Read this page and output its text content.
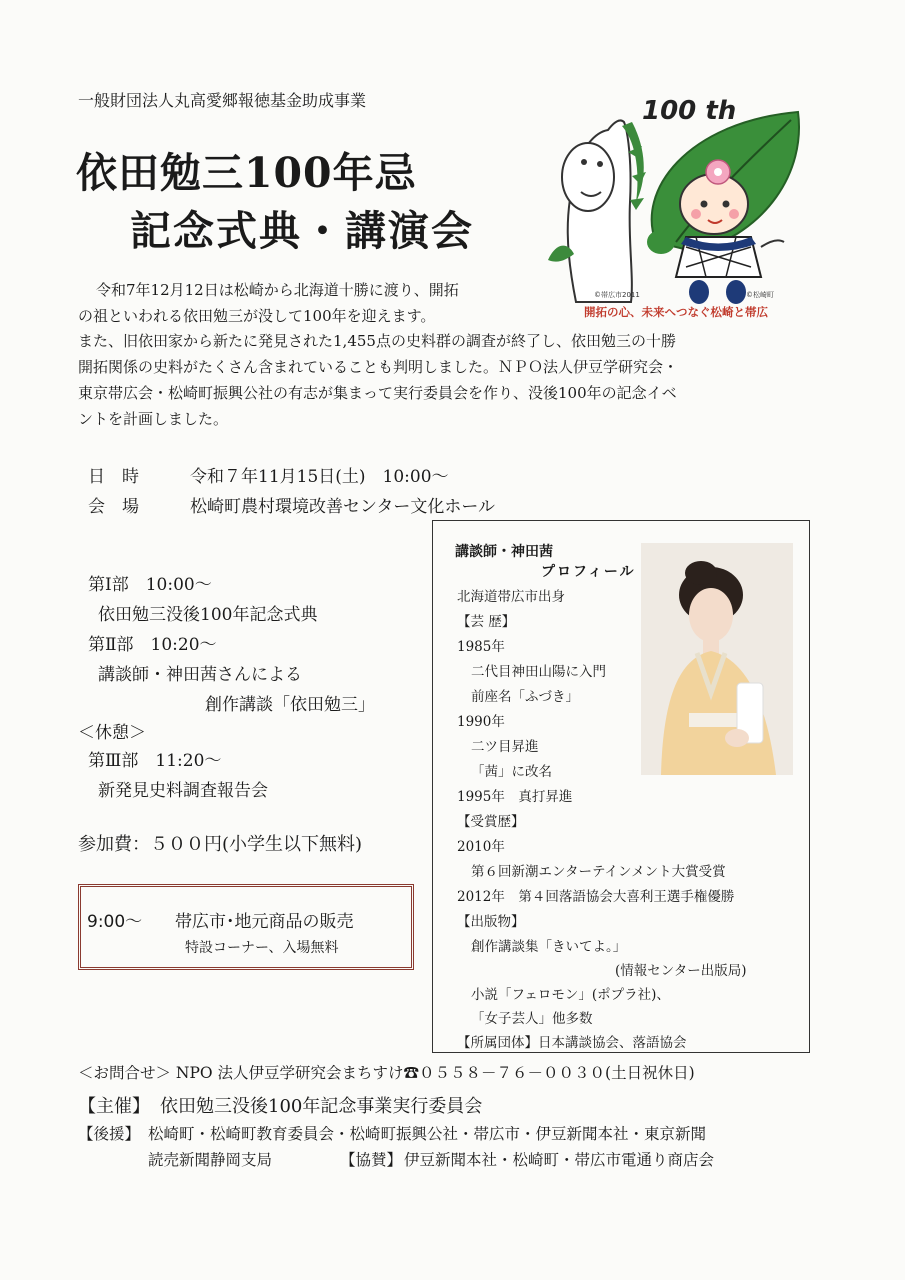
一般財団法人丸高愛郷報徳基金助成事業
依田勉三100年忌
記念式典・講演会
100 th
©帯広市2011	©松崎町
開拓の心、未来へつなぐ松崎と帯広

令和7年12月12日は松崎から北海道十勝に渡り、開拓

の祖といわれる依田勉三が没して100年を迎えます。

また、旧依田家から新たに発見された1,455点の史料群の調査が終了し、依田勉三の十勝

開拓関係の史料がたくさん含まれていることも判明しました。ＮＰＯ法人伊豆学研究会・

東京帯広会・松崎町振興公社の有志が集まって実行委員会を作り、没後100年の記念イベ

ントを計画しました。

日　時	令和７年11月15日(土)　10:00～
会　場	松崎町農村環境改善センター文化ホール
第Ⅰ部　10:00～
依田勉三没後100年記念式典
第Ⅱ部　10:20～
講談師・神田茜さんによる
創作講談「依田勉三」
＜休憩＞
第Ⅲ部　11:20～
新発見史料調査報告会
参加費：５００円(小学生以下無料)
9:00～ 帯広市･地元商品の販売
特設コーナー、入場無料
講談師・神田茜
プロフィール
北海道帯広市出身
【芸 歴】
1985年
二代目神田山陽に入門
前座名「ふづき」
1990年
二ツ目昇進
「茜」に改名
1995年　真打昇進
【受賞歴】
2010年
第６回新潮エンターテインメント大賞受賞
2012年　第４回落語協会大喜利王選手権優勝
【出版物】
創作講談集「きいてよ。」
(情報センター出版局)
小説「フェロモン」(ポプラ社)、
「女子芸人」他多数
【所属団体】日本講談協会、落語協会
＜お問合せ＞ NPO 法人伊豆学研究会まちすけ☎０５５８－７６－００３０(土日祝休日)
【主催】 依田勉三没後100年記念事業実行委員会
【後援】 松崎町・松崎町教育委員会・松崎町振興公社・帯広市・伊豆新聞本社・東京新聞
読売新聞静岡支局	【協賛】 伊豆新聞本社・松崎町・帯広市電通り商店会
